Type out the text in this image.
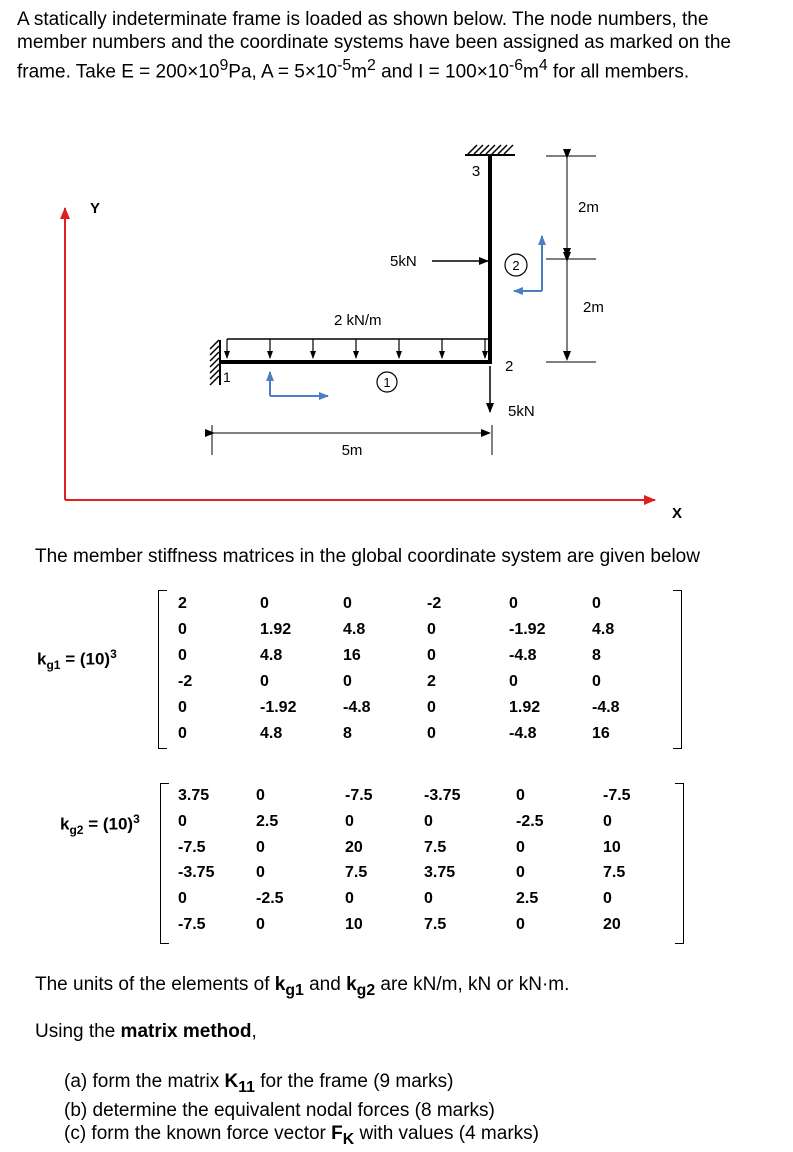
A statically indeterminate frame is loaded as shown below. The node numbers, the
member numbers and the coordinate systems have been assigned as marked on the
frame. Take $E = 200\times 10^9Pa$, $A = 5\times 10^{-5}m^2$ and $I = 100\times 10^{-6}m^4$ for all members.
Y
X
1	1
3
2
2
2 kN/m
5kN
5kN
5m
2m
2m
The member stiffness matrices in the global coordinate system are given below
$k_{g1} = (10)^3$
2	0	0	-2	0	0
0	1.92	4.8	0	-1.92	4.8
0	4.8	16	0	-4.8	8
-2	0	0	2	0	0
0	-1.92	-4.8	0	1.92	-4.8
0	4.8	8	0	-4.8	16
$k_{g2} = (10)^3$
3.75	0	-7.5	-3.75	0	-7.5
0	2.5	0	0	-2.5	0
-7.5	0	20	7.5	0	10
-3.75	0	7.5	3.75	0	7.5
0	-2.5	0	0	2.5	0
-7.5	0	10	7.5	0	20
The units of the elements of $k_{g1}$ and $k_{g2}$ are kN/m, kN or kN·m.
Using the matrix method,
(a) form the matrix $K_{11}$ for the frame (9 marks)
(b) determine the equivalent nodal forces (8 marks)
(c) form the known force vector $F_K$ with values (4 marks)
